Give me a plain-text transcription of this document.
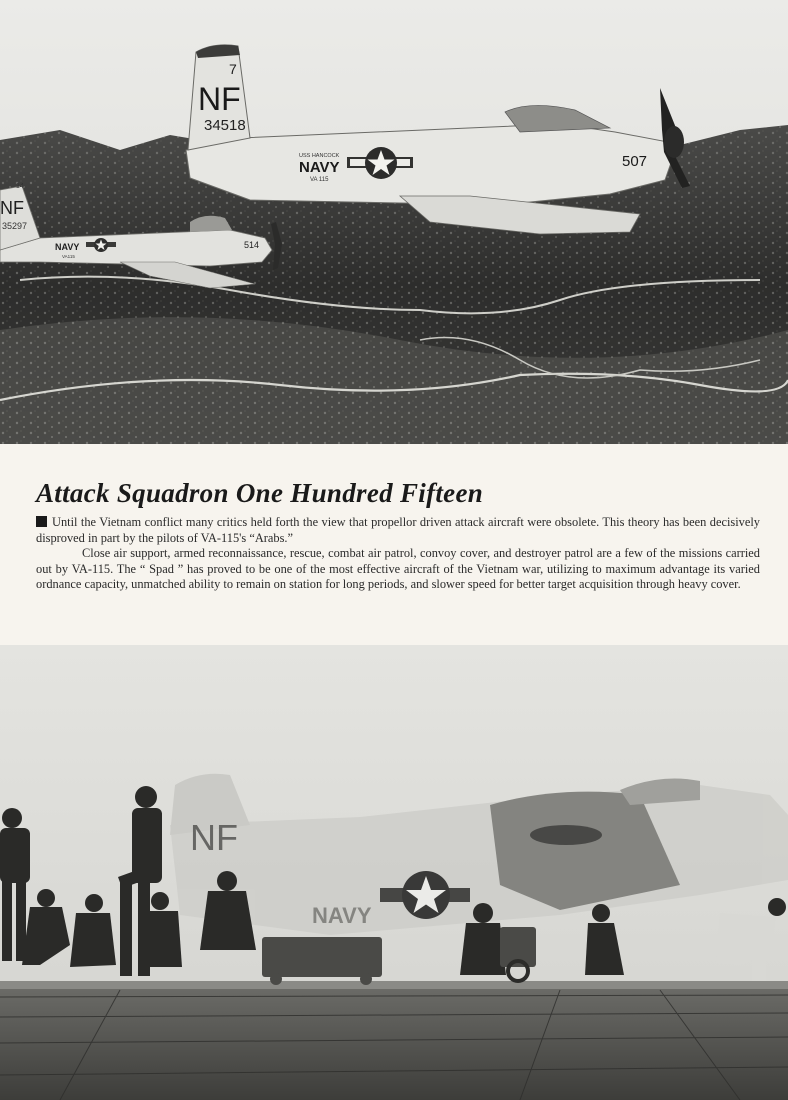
14
NF
35297
NAVY
VA115
514
7
NF
34518
USS HANCOCK
NAVY
VA 115
507
Attack Squadron One Hundred Fifteen

Until the Vietnam conflict many critics held forth the view that propellor driven attack aircraft were obsolete. This theory has been decisively disproved in part by the pilots of VA-115's “Arabs.”

Close air support, armed reconnaissance, rescue, combat air patrol, convoy cover, and destroyer patrol are a few of the missions carried out by VA-115. The “ Spad ” has proved to be one of the most effective aircraft of the Vietnam war, utilizing to maximum advantage its varied ordnance capacity, unmatched ability to remain on station for long periods, and slower speed for better target acquisition through heavy cover.

NF
NAVY
